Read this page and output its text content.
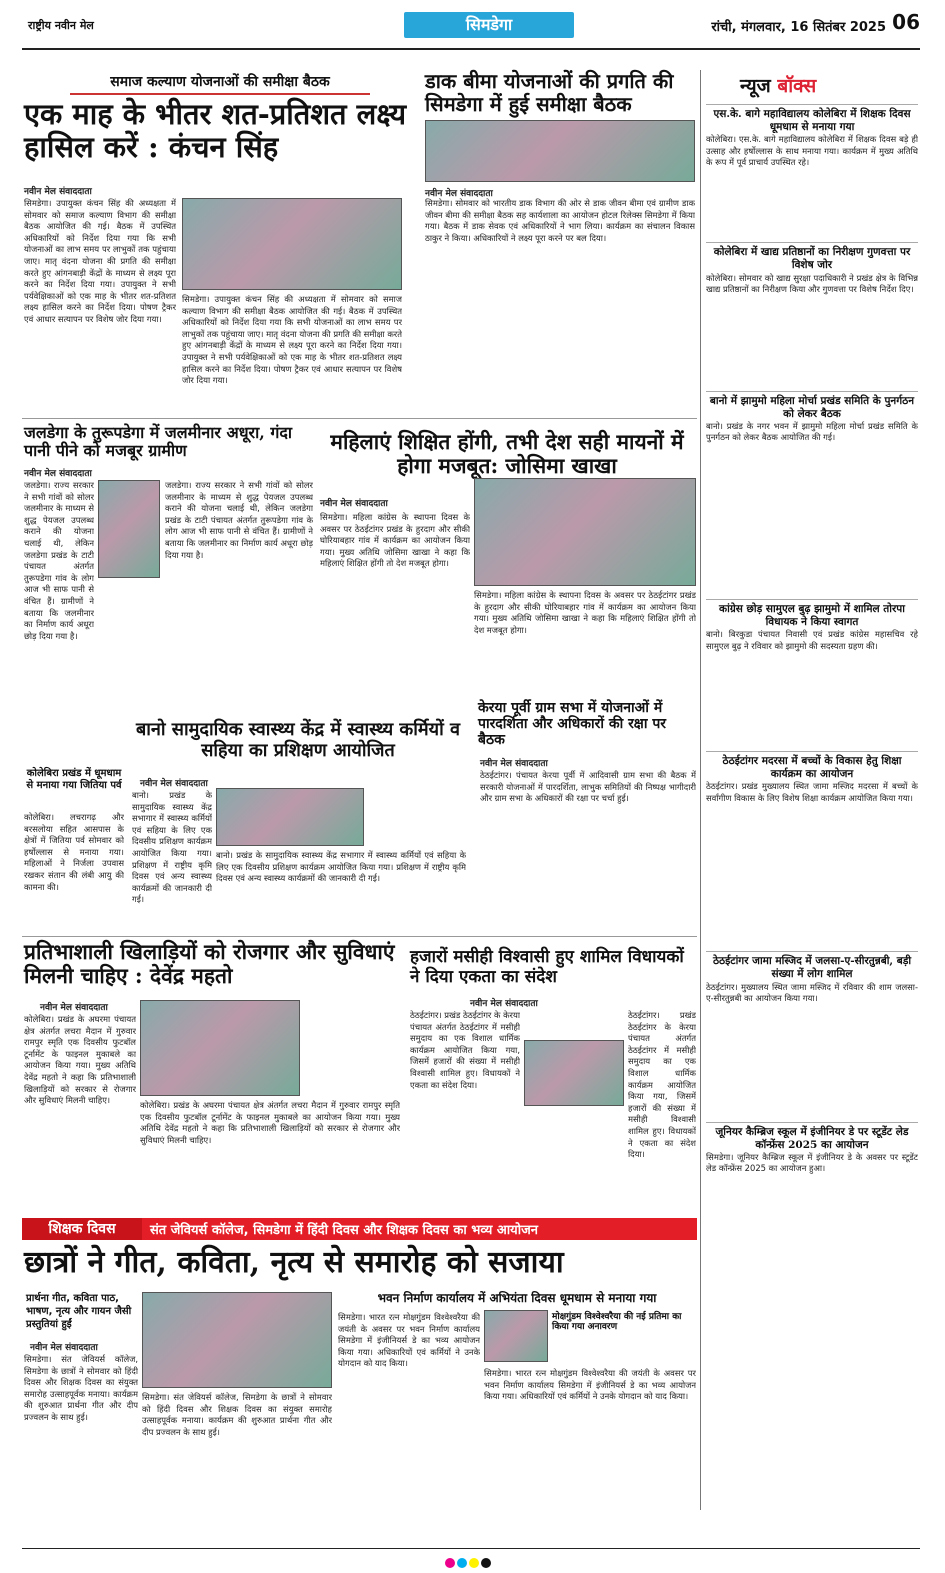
राष्ट्रीय नवीन मेल	सिमडेगा	रांची, मंगलवार, 16 सितंबर 2025 06
समाज कल्याण योजनाओं की समीक्षा बैठक
एक माह के भीतर शत-प्रतिशत लक्ष्य हासिल करें : कंचन सिंह
नवीन मेल संवाददाता
सिमडेगा। उपायुक्त कंचन सिंह की अध्यक्षता में सोमवार को समाज कल्याण विभाग की समीक्षा बैठक आयोजित की गई। बैठक में उपस्थित अधिकारियों को निर्देश दिया गया कि सभी योजनाओं का लाभ समय पर लाभुकों तक पहुंचाया जाए। मातृ वंदना योजना की प्रगति की समीक्षा करते हुए आंगनबाड़ी केंद्रों के माध्यम से लक्ष्य पूरा करने का निर्देश दिया गया। उपायुक्त ने सभी पर्यवेक्षिकाओं को एक माह के भीतर शत-प्रतिशत लक्ष्य हासिल करने का निर्देश दिया। पोषण ट्रैकर एवं आधार सत्यापन पर विशेष जोर दिया गया।
सिमडेगा। उपायुक्त कंचन सिंह की अध्यक्षता में सोमवार को समाज कल्याण विभाग की समीक्षा बैठक आयोजित की गई। बैठक में उपस्थित अधिकारियों को निर्देश दिया गया कि सभी योजनाओं का लाभ समय पर लाभुकों तक पहुंचाया जाए। मातृ वंदना योजना की प्रगति की समीक्षा करते हुए आंगनबाड़ी केंद्रों के माध्यम से लक्ष्य पूरा करने का निर्देश दिया गया। उपायुक्त ने सभी पर्यवेक्षिकाओं को एक माह के भीतर शत-प्रतिशत लक्ष्य हासिल करने का निर्देश दिया। पोषण ट्रैकर एवं आधार सत्यापन पर विशेष जोर दिया गया।
डाक बीमा योजनाओं की प्रगति की सिमडेगा में हुई समीक्षा बैठक
नवीन मेल संवाददाता
सिमडेगा। सोमवार को भारतीय डाक विभाग की ओर से डाक जीवन बीमा एवं ग्रामीण डाक जीवन बीमा की समीक्षा बैठक सह कार्यशाला का आयोजन होटल रिलेक्स सिमडेगा में किया गया। बैठक में डाक सेवक एवं अधिकारियों ने भाग लिया। कार्यक्रम का संचालन विकास ठाकुर ने किया। अधिकारियों ने लक्ष्य पूरा करने पर बल दिया।
जलडेगा के तुरूपडेगा में जलमीनार अधूरा, गंदा पानी पीने को मजबूर ग्रामीण
नवीन मेल संवाददाता
जलडेगा। राज्य सरकार ने सभी गांवों को सोलर जलमीनार के माध्यम से शुद्ध पेयजल उपलब्ध कराने की योजना चलाई थी, लेकिन जलडेगा प्रखंड के टाटी पंचायत अंतर्गत तुरूपडेगा गांव के लोग आज भी साफ पानी से वंचित हैं। ग्रामीणों ने बताया कि जलमीनार का निर्माण कार्य अधूरा छोड़ दिया गया है।
जलडेगा। राज्य सरकार ने सभी गांवों को सोलर जलमीनार के माध्यम से शुद्ध पेयजल उपलब्ध कराने की योजना चलाई थी, लेकिन जलडेगा प्रखंड के टाटी पंचायत अंतर्गत तुरूपडेगा गांव के लोग आज भी साफ पानी से वंचित हैं। ग्रामीणों ने बताया कि जलमीनार का निर्माण कार्य अधूरा छोड़ दिया गया है।
महिलाएं शिक्षित होंगी, तभी देश सही मायनों में होगा मजबूत: जोसिमा खाखा
नवीन मेल संवाददाता
सिमडेगा। महिला कांग्रेस के स्थापना दिवस के अवसर पर ठेठईटांगर प्रखंड के हुरदाग और सीकी घोरियाबहार गांव में कार्यक्रम का आयोजन किया गया। मुख्य अतिथि जोसिमा खाखा ने कहा कि महिलाएं शिक्षित होंगी तो देश मजबूत होगा।
सिमडेगा। महिला कांग्रेस के स्थापना दिवस के अवसर पर ठेठईटांगर प्रखंड के हुरदाग और सीकी घोरियाबहार गांव में कार्यक्रम का आयोजन किया गया। मुख्य अतिथि जोसिमा खाखा ने कहा कि महिलाएं शिक्षित होंगी तो देश मजबूत होगा।
कोलेबिरा प्रखंड में धूमधाम से मनाया गया जितिया पर्व
कोलेबिरा। लचरागढ़ और बरसलोया सहित आसपास के क्षेत्रों में जितिया पर्व सोमवार को हर्षोल्लास से मनाया गया। महिलाओं ने निर्जला उपवास रखकर संतान की लंबी आयु की कामना की।
बानो सामुदायिक स्वास्थ्य केंद्र में स्वास्थ्य कर्मियों व सहिया का प्रशिक्षण आयोजित
नवीन मेल संवाददाता
बानो। प्रखंड के सामुदायिक स्वास्थ्य केंद्र सभागार में स्वास्थ्य कर्मियों एवं सहिया के लिए एक दिवसीय प्रशिक्षण कार्यक्रम आयोजित किया गया। प्रशिक्षण में राष्ट्रीय कृमि दिवस एवं अन्य स्वास्थ्य कार्यक्रमों की जानकारी दी गई।
बानो। प्रखंड के सामुदायिक स्वास्थ्य केंद्र सभागार में स्वास्थ्य कर्मियों एवं सहिया के लिए एक दिवसीय प्रशिक्षण कार्यक्रम आयोजित किया गया। प्रशिक्षण में राष्ट्रीय कृमि दिवस एवं अन्य स्वास्थ्य कार्यक्रमों की जानकारी दी गई।
केरया पूर्वी ग्राम सभा में योजनाओं में पारदर्शिता और अधिकारों की रक्षा पर बैठक
नवीन मेल संवाददाता
ठेठईटांगर। पंचायत केरया पूर्वी में आदिवासी ग्राम सभा की बैठक में सरकारी योजनाओं में पारदर्शिता, लाभुक समितियों की निष्पक्ष भागीदारी और ग्राम सभा के अधिकारों की रक्षा पर चर्चा हुई।
प्रतिभाशाली खिलाड़ियों को रोजगार और सुविधाएं मिलनी चाहिए : देवेंद्र महतो
नवीन मेल संवाददाता
कोलेबिरा। प्रखंड के अघरमा पंचायत क्षेत्र अंतर्गत लचरा मैदान में गुरुवार रामपुर स्मृति एक दिवसीय फुटबॉल टूर्नामेंट के फाइनल मुकाबले का आयोजन किया गया। मुख्य अतिथि देवेंद्र महतो ने कहा कि प्रतिभाशाली खिलाड़ियों को सरकार से रोजगार और सुविधाएं मिलनी चाहिए।	कोलेबिरा। प्रखंड के अघरमा पंचायत क्षेत्र अंतर्गत लचरा मैदान में गुरुवार रामपुर स्मृति एक दिवसीय फुटबॉल टूर्नामेंट के फाइनल मुकाबले का आयोजन किया गया। मुख्य अतिथि देवेंद्र महतो ने कहा कि प्रतिभाशाली खिलाड़ियों को सरकार से रोजगार और सुविधाएं मिलनी चाहिए।
हजारों मसीही विश्वासी हुए शामिल विधायकों ने दिया एकता का संदेश
नवीन मेल संवाददाता
ठेठईटांगर। प्रखंड ठेठईटांगर के केरया पंचायत अंतर्गत ठेठईटांगर में मसीही समुदाय का एक विशाल धार्मिक कार्यक्रम आयोजित किया गया, जिसमें हजारों की संख्या में मसीही विश्वासी शामिल हुए। विधायकों ने एकता का संदेश दिया।
ठेठईटांगर। प्रखंड ठेठईटांगर के केरया पंचायत अंतर्गत ठेठईटांगर में मसीही समुदाय का एक विशाल धार्मिक कार्यक्रम आयोजित किया गया, जिसमें हजारों की संख्या में मसीही विश्वासी शामिल हुए। विधायकों ने एकता का संदेश दिया।
शिक्षक दिवस	संत जेवियर्स कॉलेज, सिमडेगा में हिंदी दिवस और शिक्षक दिवस का भव्य आयोजन
छात्रों ने गीत, कविता, नृत्य से समारोह को सजाया
प्रार्थना गीत, कविता पाठ, भाषण, नृत्य और गायन जैसी प्रस्तुतियां हुईं
नवीन मेल संवाददाता
सिमडेगा। संत जेवियर्स कॉलेज, सिमडेगा के छात्रों ने सोमवार को हिंदी दिवस और शिक्षक दिवस का संयुक्त समारोह उत्साहपूर्वक मनाया। कार्यक्रम की शुरुआत प्रार्थना गीत और दीप प्रज्वलन के साथ हुई।
सिमडेगा। संत जेवियर्स कॉलेज, सिमडेगा के छात्रों ने सोमवार को हिंदी दिवस और शिक्षक दिवस का संयुक्त समारोह उत्साहपूर्वक मनाया। कार्यक्रम की शुरुआत प्रार्थना गीत और दीप प्रज्वलन के साथ हुई।
भवन निर्माण कार्यालय में अभियंता दिवस धूमधाम से मनाया गया
सिमडेगा। भारत रत्न मोक्षगुंडम विश्वेश्वरैया की जयंती के अवसर पर भवन निर्माण कार्यालय सिमडेगा में इंजीनियर्स डे का भव्य आयोजन किया गया। अधिकारियों एवं कर्मियों ने उनके योगदान को याद किया।
मोक्षगुंडम विश्वेश्वरैया की नई प्रतिमा का किया गया अनावरण
सिमडेगा। भारत रत्न मोक्षगुंडम विश्वेश्वरैया की जयंती के अवसर पर भवन निर्माण कार्यालय सिमडेगा में इंजीनियर्स डे का भव्य आयोजन किया गया। अधिकारियों एवं कर्मियों ने उनके योगदान को याद किया।
न्यूज बॉक्स
एस.के. बागे महाविद्यालय कोलेबिरा में शिक्षक दिवस धूमधाम से मनाया गया
कोलेबिरा। एस.के. बागे महाविद्यालय कोलेबिरा में शिक्षक दिवस बड़े ही उत्साह और हर्षोल्लास के साथ मनाया गया। कार्यक्रम में मुख्य अतिथि के रूप में पूर्व प्राचार्य उपस्थित रहे।
कोलेबिरा में खाद्य प्रतिष्ठानों का निरीक्षण गुणवत्ता पर विशेष जोर
कोलेबिरा। सोमवार को खाद्य सुरक्षा पदाधिकारी ने प्रखंड क्षेत्र के विभिन्न खाद्य प्रतिष्ठानों का निरीक्षण किया और गुणवत्ता पर विशेष निर्देश दिए।
बानो में झामुमो महिला मोर्चा प्रखंड समिति के पुनर्गठन को लेकर बैठक
बानो। प्रखंड के नगर भवन में झामुमो महिला मोर्चा प्रखंड समिति के पुनर्गठन को लेकर बैठक आयोजित की गई।
कांग्रेस छोड़ सामुएल बुढ़ झामुमो में शामिल तोरपा विधायक ने किया स्वागत
बानो। बिरकुडा पंचायत निवासी एवं प्रखंड कांग्रेस महासचिव रहे सामुएल बुढ़ ने रविवार को झामुमो की सदस्यता ग्रहण की।
ठेठईटांगर मदरसा में बच्चों के विकास हेतु शिक्षा कार्यक्रम का आयोजन
ठेठईटांगर। प्रखंड मुख्यालय स्थित जामा मस्जिद मदरसा में बच्चों के सर्वांगीण विकास के लिए विशेष शिक्षा कार्यक्रम आयोजित किया गया।
ठेठईटांगर जामा मस्जिद में जलसा-ए-सीरतुन्नबी, बड़ी संख्या में लोग शामिल
ठेठईटांगर। मुख्यालय स्थित जामा मस्जिद में रविवार की शाम जलसा-ए-सीरतुन्नबी का आयोजन किया गया।
जूनियर कैम्ब्रिज स्कूल में इंजीनियर डे पर स्टूडेंट लेड कॉन्फ्रेंस 2025 का आयोजन
सिमडेगा। जूनियर कैम्ब्रिज स्कूल में इंजीनियर डे के अवसर पर स्टूडेंट लेड कॉन्फ्रेंस 2025 का आयोजन हुआ।
